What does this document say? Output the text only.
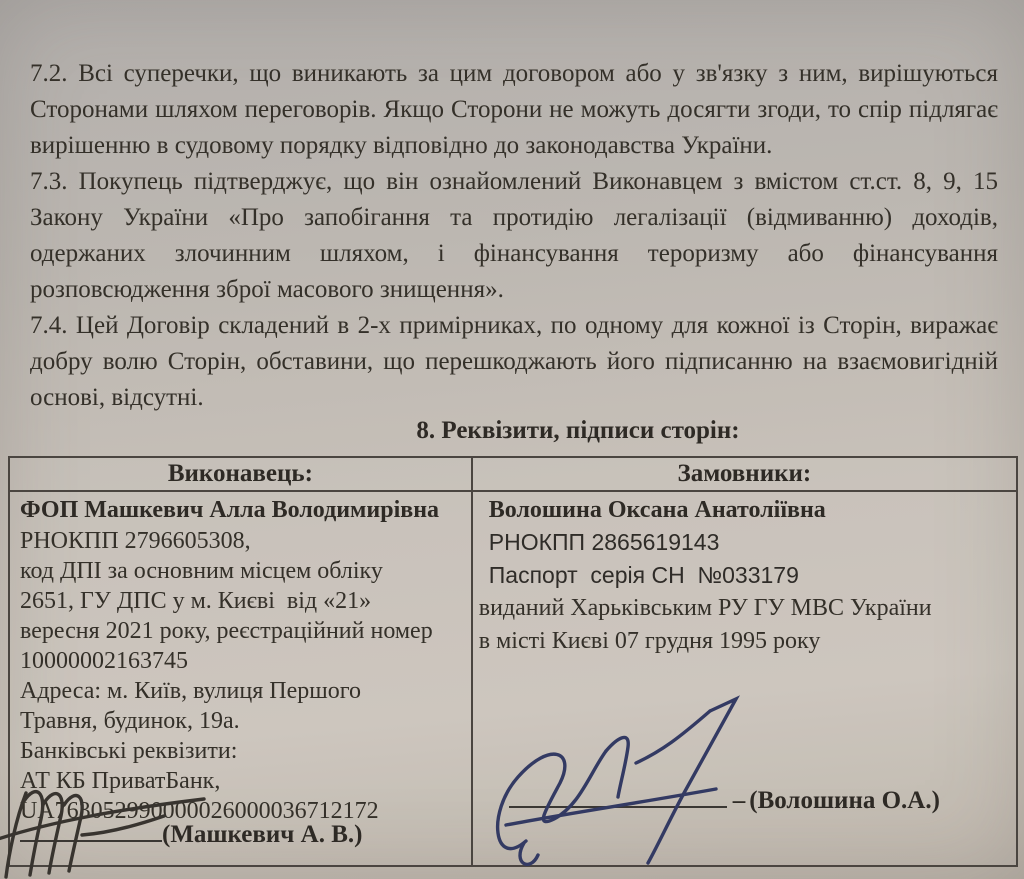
7.2. Всі суперечки, що виникають за цим договором або у зв'язку з ним, вирішуються Сторонами шляхом переговорів. Якщо Сторони не можуть досягти згоди, то спір підлягає вирішенню в судовому порядку відповідно до законодавства України.

7.3. Покупець підтверджує, що він ознайомлений Виконавцем з вмістом ст.ст. 8, 9, 15 Закону України «Про запобігання та протидію легалізації (відмиванню) доходів, одержаних злочинним шляхом, і фінансування тероризму або фінансування розповсюдження зброї масового знищення».

7.4. Цей Договір складений в 2-х примірниках, по одному для кожної із Сторін, виражає добру волю Сторін, обставини, що перешкоджають його підписанню на взаємовигідній основі, відсутні.

8. Реквізити, підписи сторін:
Виконавець:	Замовники:
ФОП Машкевич Алла Володимирівна
РНОКПП 2796605308,
код ДПІ за основним місцем обліку
2651, ГУ ДПС у м. Києві  від «21»
вересня 2021 року, реєстраційний номер
10000002163745
Адреса: м. Київ, вулиця Першого
Травня, будинок, 19а.
Банківські реквізити:
АТ КБ ПриватБанк,
UA763052990000026000036712172
(Машкевич А. В.)
Волошина Оксана Анатоліївна
РНОКПП 2865619143
Паспорт  серія СН  №033179
виданий Харьківським РУ ГУ МВС України
в місті Києві 07 грудня 1995 року
– (Волошина О.А.)
